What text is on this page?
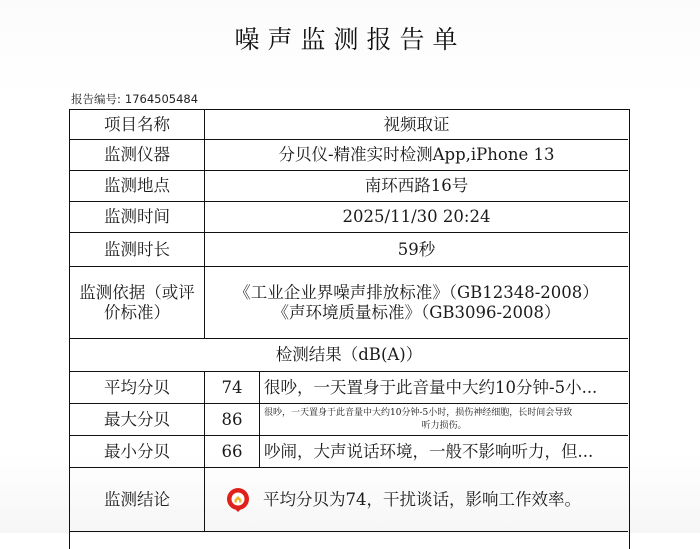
噪声监测报告单
报告编号: 1764505484
项目名称	视频取证
监测仪器	分贝仪-精准实时检测App,iPhone 13
监测地点	南环西路16号
监测时间	2025/11/30 20:24
监测时长	59秒
监测依据（或评价标准）
《工业企业界噪声排放标准》（GB12348-2008）
《声环境质量标准》（GB3096-2008）
检测结果（dB(A)）
平均分贝	74	很吵，一天置身于此音量中大约10分钟-5小...
最大分贝	86	很吵，一天置身于此音量中大约10分钟-5小时，损伤神经细胞，长时间会导致
听力损伤。
最小分贝	66	吵闹，大声说话环境，一般不影响听力，但...
监测结论	平均分贝为74，干扰谈话，影响工作效率。
